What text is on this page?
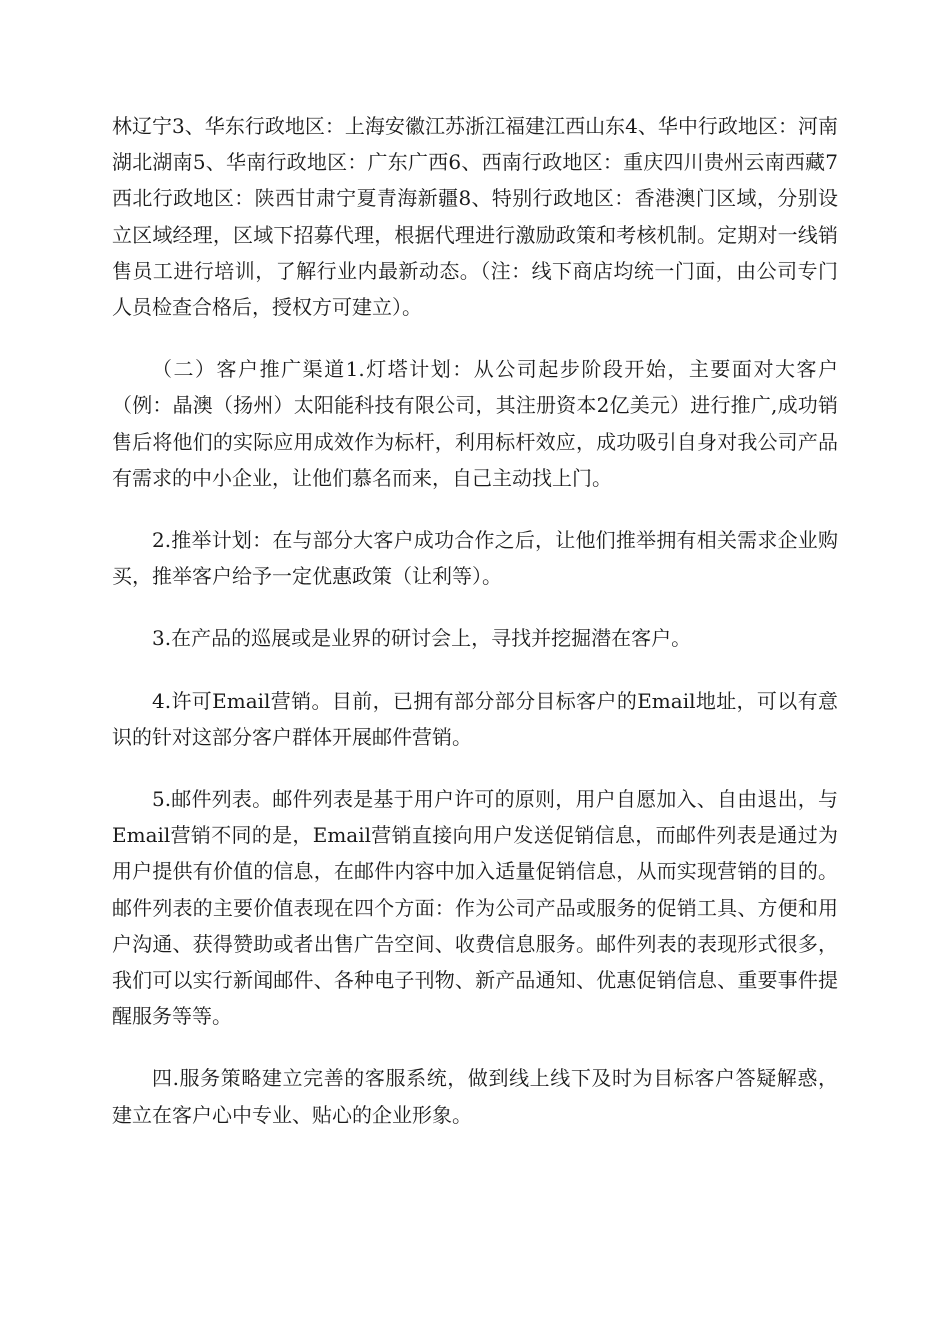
林辽宁3、华东行政地区：上海安徽江苏浙江福建江西山东4、华中行政地区：河南湖北湖南5、华南行政地区：广东广西6、西南行政地区：重庆四川贵州云南西藏7西北行政地区：陕西甘肃宁夏青海新疆8、特别行政地区：香港澳门区域，分别设立区域经理，区域下招募代理，根据代理进行激励政策和考核机制。定期对一线销售员工进行培训，了解行业内最新动态。（注：线下商店均统一门面，由公司专门人员检查合格后，授权方可建立）。

（二）客户推广渠道1.灯塔计划：从公司起步阶段开始，主要面对大客户（例：晶澳（扬州）太阳能科技有限公司，其注册资本2亿美元）进行推广,成功销售后将他们的实际应用成效作为标杆，利用标杆效应，成功吸引自身对我公司产品有需求的中小企业，让他们慕名而来，自己主动找上门。

2.推举计划：在与部分大客户成功合作之后，让他们推举拥有相关需求企业购买，推举客户给予一定优惠政策（让利等）。

3.在产品的巡展或是业界的研讨会上，寻找并挖掘潜在客户。

4.许可Email营销。目前，已拥有部分部分目标客户的Email地址，可以有意识的针对这部分客户群体开展邮件营销。

5.邮件列表。邮件列表是基于用户许可的原则，用户自愿加入、自由退出，与Email营销不同的是，Email营销直接向用户发送促销信息，而邮件列表是通过为用户提供有价值的信息，在邮件内容中加入适量促销信息，从而实现营销的目的。邮件列表的主要价值表现在四个方面：作为公司产品或服务的促销工具、方便和用户沟通、获得赞助或者出售广告空间、收费信息服务。邮件列表的表现形式很多，我们可以实行新闻邮件、各种电子刊物、新产品通知、优惠促销信息、重要事件提醒服务等等。

四.服务策略建立完善的客服系统，做到线上线下及时为目标客户答疑解惑，建立在客户心中专业、贴心的企业形象。
